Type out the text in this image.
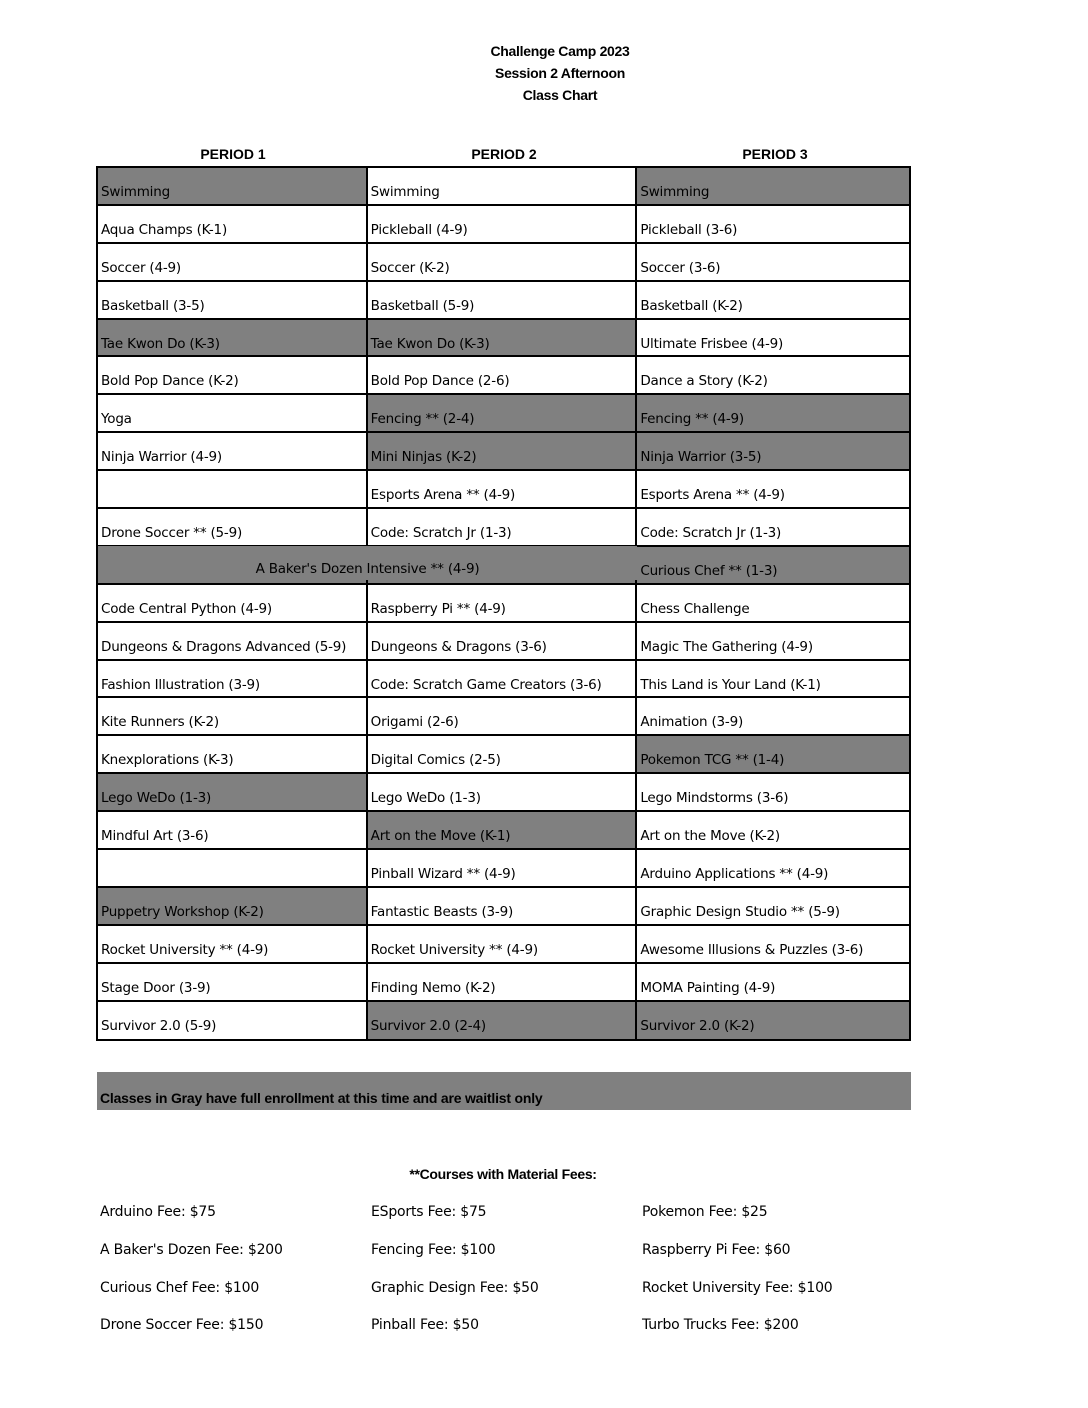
Challenge Camp 2023
Session 2 Afternoon
Class Chart
PERIOD 1	PERIOD 2	PERIOD 3
Swimming
Aqua Champs (K-1)
Soccer (4-9)
Basketball (3-5)
Tae Kwon Do (K-3)
Bold Pop Dance (K-2)
Yoga
Ninja Warrior (4-9)
Drone Soccer ** (5-9)
Code Central Python (4-9)
Dungeons & Dragons Advanced (5-9)
Fashion Illustration (3-9)
Kite Runners (K-2)
Knexplorations (K-3)
Lego WeDo (1-3)
Mindful Art (3-6)
Puppetry Workshop (K-2)
Rocket University ** (4-9)
Stage Door (3-9)
Survivor 2.0 (5-9)
Swimming
Pickleball (4-9)
Soccer (K-2)
Basketball (5-9)
Tae Kwon Do (K-3)
Bold Pop Dance (2-6)
Fencing ** (2-4)
Mini Ninjas (K-2)
Esports Arena ** (4-9)
Code: Scratch Jr (1-3)
Raspberry Pi ** (4-9)
Dungeons & Dragons (3-6)
Code: Scratch Game Creators (3-6)
Origami (2-6)
Digital Comics (2-5)
Lego WeDo (1-3)
Art on the Move (K-1)
Pinball Wizard ** (4-9)
Fantastic Beasts (3-9)
Rocket University ** (4-9)
Finding Nemo (K-2)
Survivor 2.0 (2-4)
Swimming
Pickleball (3-6)
Soccer (3-6)
Basketball (K-2)
Ultimate Frisbee (4-9)
Dance a Story (K-2)
Fencing ** (4-9)
Ninja Warrior (3-5)
Esports Arena ** (4-9)
Code: Scratch Jr (1-3)
Curious Chef ** (1-3)
Chess Challenge
Magic The Gathering (4-9)
This Land is Your Land (K-1)
Animation (3-9)
Pokemon TCG ** (1-4)
Lego Mindstorms (3-6)
Art on the Move (K-2)
Arduino Applications ** (4-9)
Graphic Design Studio ** (5-9)
Awesome Illusions & Puzzles (3-6)
MOMA Painting (4-9)
Survivor 2.0 (K-2)
A Baker's Dozen Intensive ** (4-9)
Classes in Gray have full enrollment at this time and are waitlist only
**Courses with Material Fees:
Arduino Fee: $75
A Baker's Dozen Fee: $200
Curious Chef Fee: $100
Drone Soccer Fee: $150
ESports Fee: $75
Fencing Fee: $100
Graphic Design Fee: $50
Pinball Fee: $50
Pokemon Fee: $25
Raspberry Pi Fee: $60
Rocket University Fee: $100
Turbo Trucks Fee: $200
